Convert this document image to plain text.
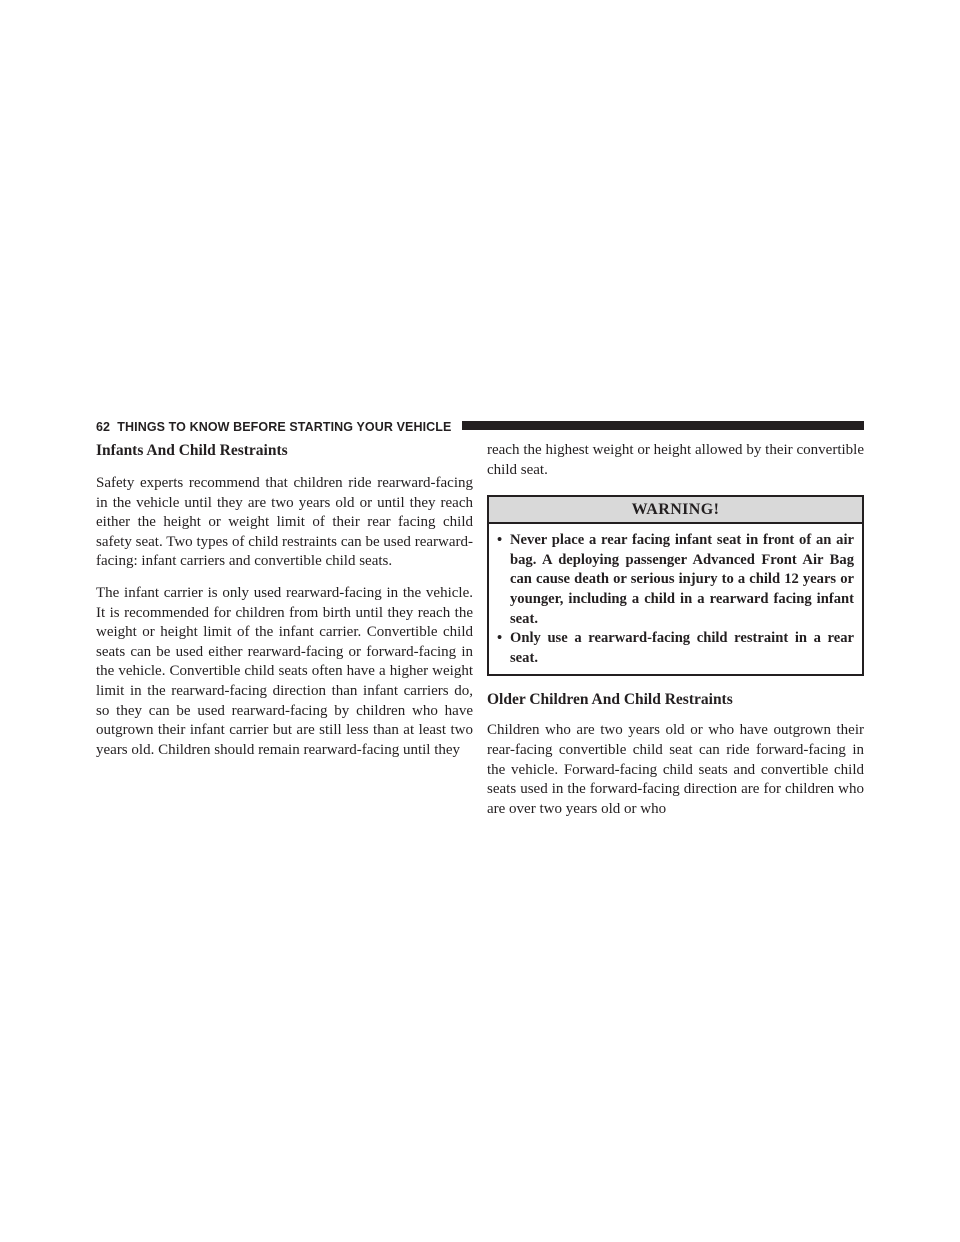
62 THINGS TO KNOW BEFORE STARTING YOUR VEHICLE
Infants And Child Restraints

Safety experts recommend that children ride rearward-facing in the vehicle until they are two years old or until they reach either the height or weight limit of their rear facing child safety seat. Two types of child restraints can be used rearward-facing: infant carriers and convertible child seats.

The infant carrier is only used rearward-facing in the vehicle. It is recommended for children from birth until they reach the weight or height limit of the infant carrier. Convertible child seats can be used either rearward-facing or forward-facing in the vehicle. Convertible child seats often have a higher weight limit in the rearward-facing direction than infant carriers do, so they can be used rearward-facing by children who have outgrown their infant carrier but are still less than at least two years old. Children should remain rearward-facing until they

reach the highest weight or height allowed by their convertible child seat.

WARNING!
• Never place a rear facing infant seat in front of an air bag. A deploying passenger Advanced Front Air Bag can cause death or serious injury to a child 12 years or younger, including a child in a rearward facing infant seat.
• Only use a rearward-facing child restraint in a rear seat.
Older Children And Child Restraints

Children who are two years old or who have outgrown their rear-facing convertible child seat can ride forward-facing in the vehicle. Forward-facing child seats and convertible child seats used in the forward-facing direction are for children who are over two years old or who
